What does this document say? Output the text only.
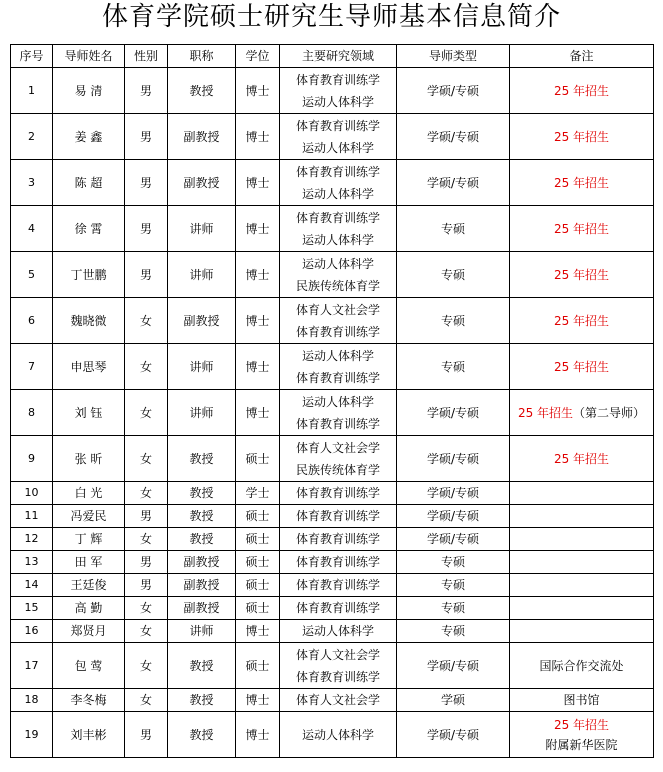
体育学院硕士研究生导师基本信息简介
序号	导师姓名	性别	职称	学位	主要研究领域	导师类型	备注
1	易 清	男	教授	博士	体育教育训练学
运动人体科学	学硕/专硕	25 年招生
2	姜 鑫	男	副教授	博士	体育教育训练学
运动人体科学	学硕/专硕	25 年招生
3	陈 超	男	副教授	博士	体育教育训练学
运动人体科学	学硕/专硕	25 年招生
4	徐 霄	男	讲师	博士	体育教育训练学
运动人体科学	专硕	25 年招生
5	丁世鹏	男	讲师	博士	运动人体科学
民族传统体育学	专硕	25 年招生
6	魏晓微	女	副教授	博士	体育人文社会学
体育教育训练学	专硕	25 年招生
7	申思琴	女	讲师	博士	运动人体科学
体育教育训练学	专硕	25 年招生
8	刘 钰	女	讲师	博士	运动人体科学
体育教育训练学	学硕/专硕	25 年招生（第二导师）
9	张 昕	女	教授	硕士	体育人文社会学
民族传统体育学	学硕/专硕	25 年招生
10	白 光	女	教授	学士	体育教育训练学	学硕/专硕	
11	冯爱民	男	教授	硕士	体育教育训练学	学硕/专硕	
12	丁 辉	女	教授	硕士	体育教育训练学	学硕/专硕	
13	田 军	男	副教授	硕士	体育教育训练学	专硕	
14	王廷俊	男	副教授	硕士	体育教育训练学	专硕	
15	高 勤	女	副教授	硕士	体育教育训练学	专硕	
16	郑贤月	女	讲师	博士	运动人体科学	专硕	
17	包 莺	女	教授	硕士	体育人文社会学
体育教育训练学	学硕/专硕	国际合作交流处
18	李冬梅	女	教授	博士	体育人文社会学	学硕	图书馆
19	刘丰彬	男	教授	博士	运动人体科学	学硕/专硕	25 年招生
附属新华医院
